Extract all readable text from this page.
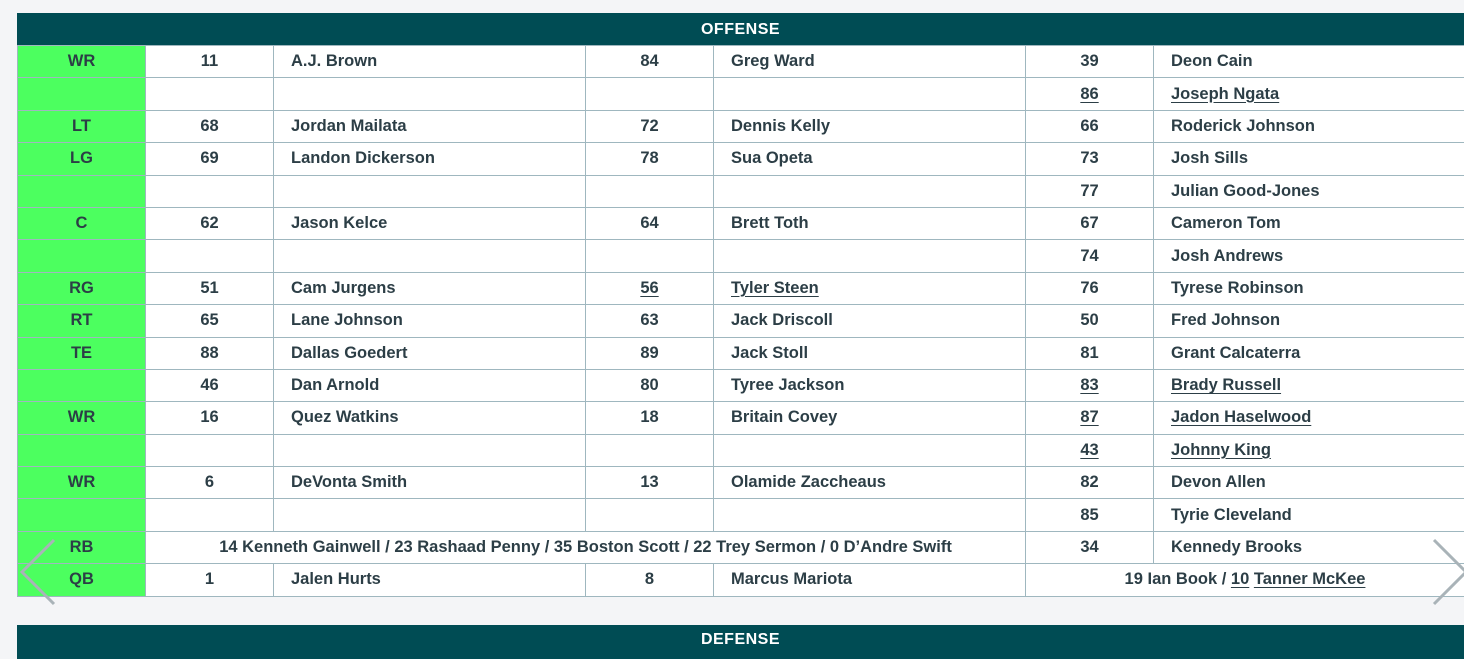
OFFENSE
WR	11	A.J. Brown	84	Greg Ward	39	Deon Cain
					86	Joseph Ngata
LT	68	Jordan Mailata	72	Dennis Kelly	66	Roderick Johnson
LG	69	Landon Dickerson	78	Sua Opeta	73	Josh Sills
					77	Julian Good-Jones
C	62	Jason Kelce	64	Brett Toth	67	Cameron Tom
					74	Josh Andrews
RG	51	Cam Jurgens	56	Tyler Steen	76	Tyrese Robinson
RT	65	Lane Johnson	63	Jack Driscoll	50	Fred Johnson
TE	88	Dallas Goedert	89	Jack Stoll	81	Grant Calcaterra
	46	Dan Arnold	80	Tyree Jackson	83	Brady Russell
WR	16	Quez Watkins	18	Britain Covey	87	Jadon Haselwood
					43	Johnny King
WR	6	DeVonta Smith	13	Olamide Zaccheaus	82	Devon Allen
					85	Tyrie Cleveland
RB	14 Kenneth Gainwell / 23 Rashaad Penny / 35 Boston Scott / 22 Trey Sermon / 0 D’Andre Swift				34	Kennedy Brooks
QB	1	Jalen Hurts	8	Marcus Mariota	19 Ian Book / 10 Tanner McKee	
DEFENSE
